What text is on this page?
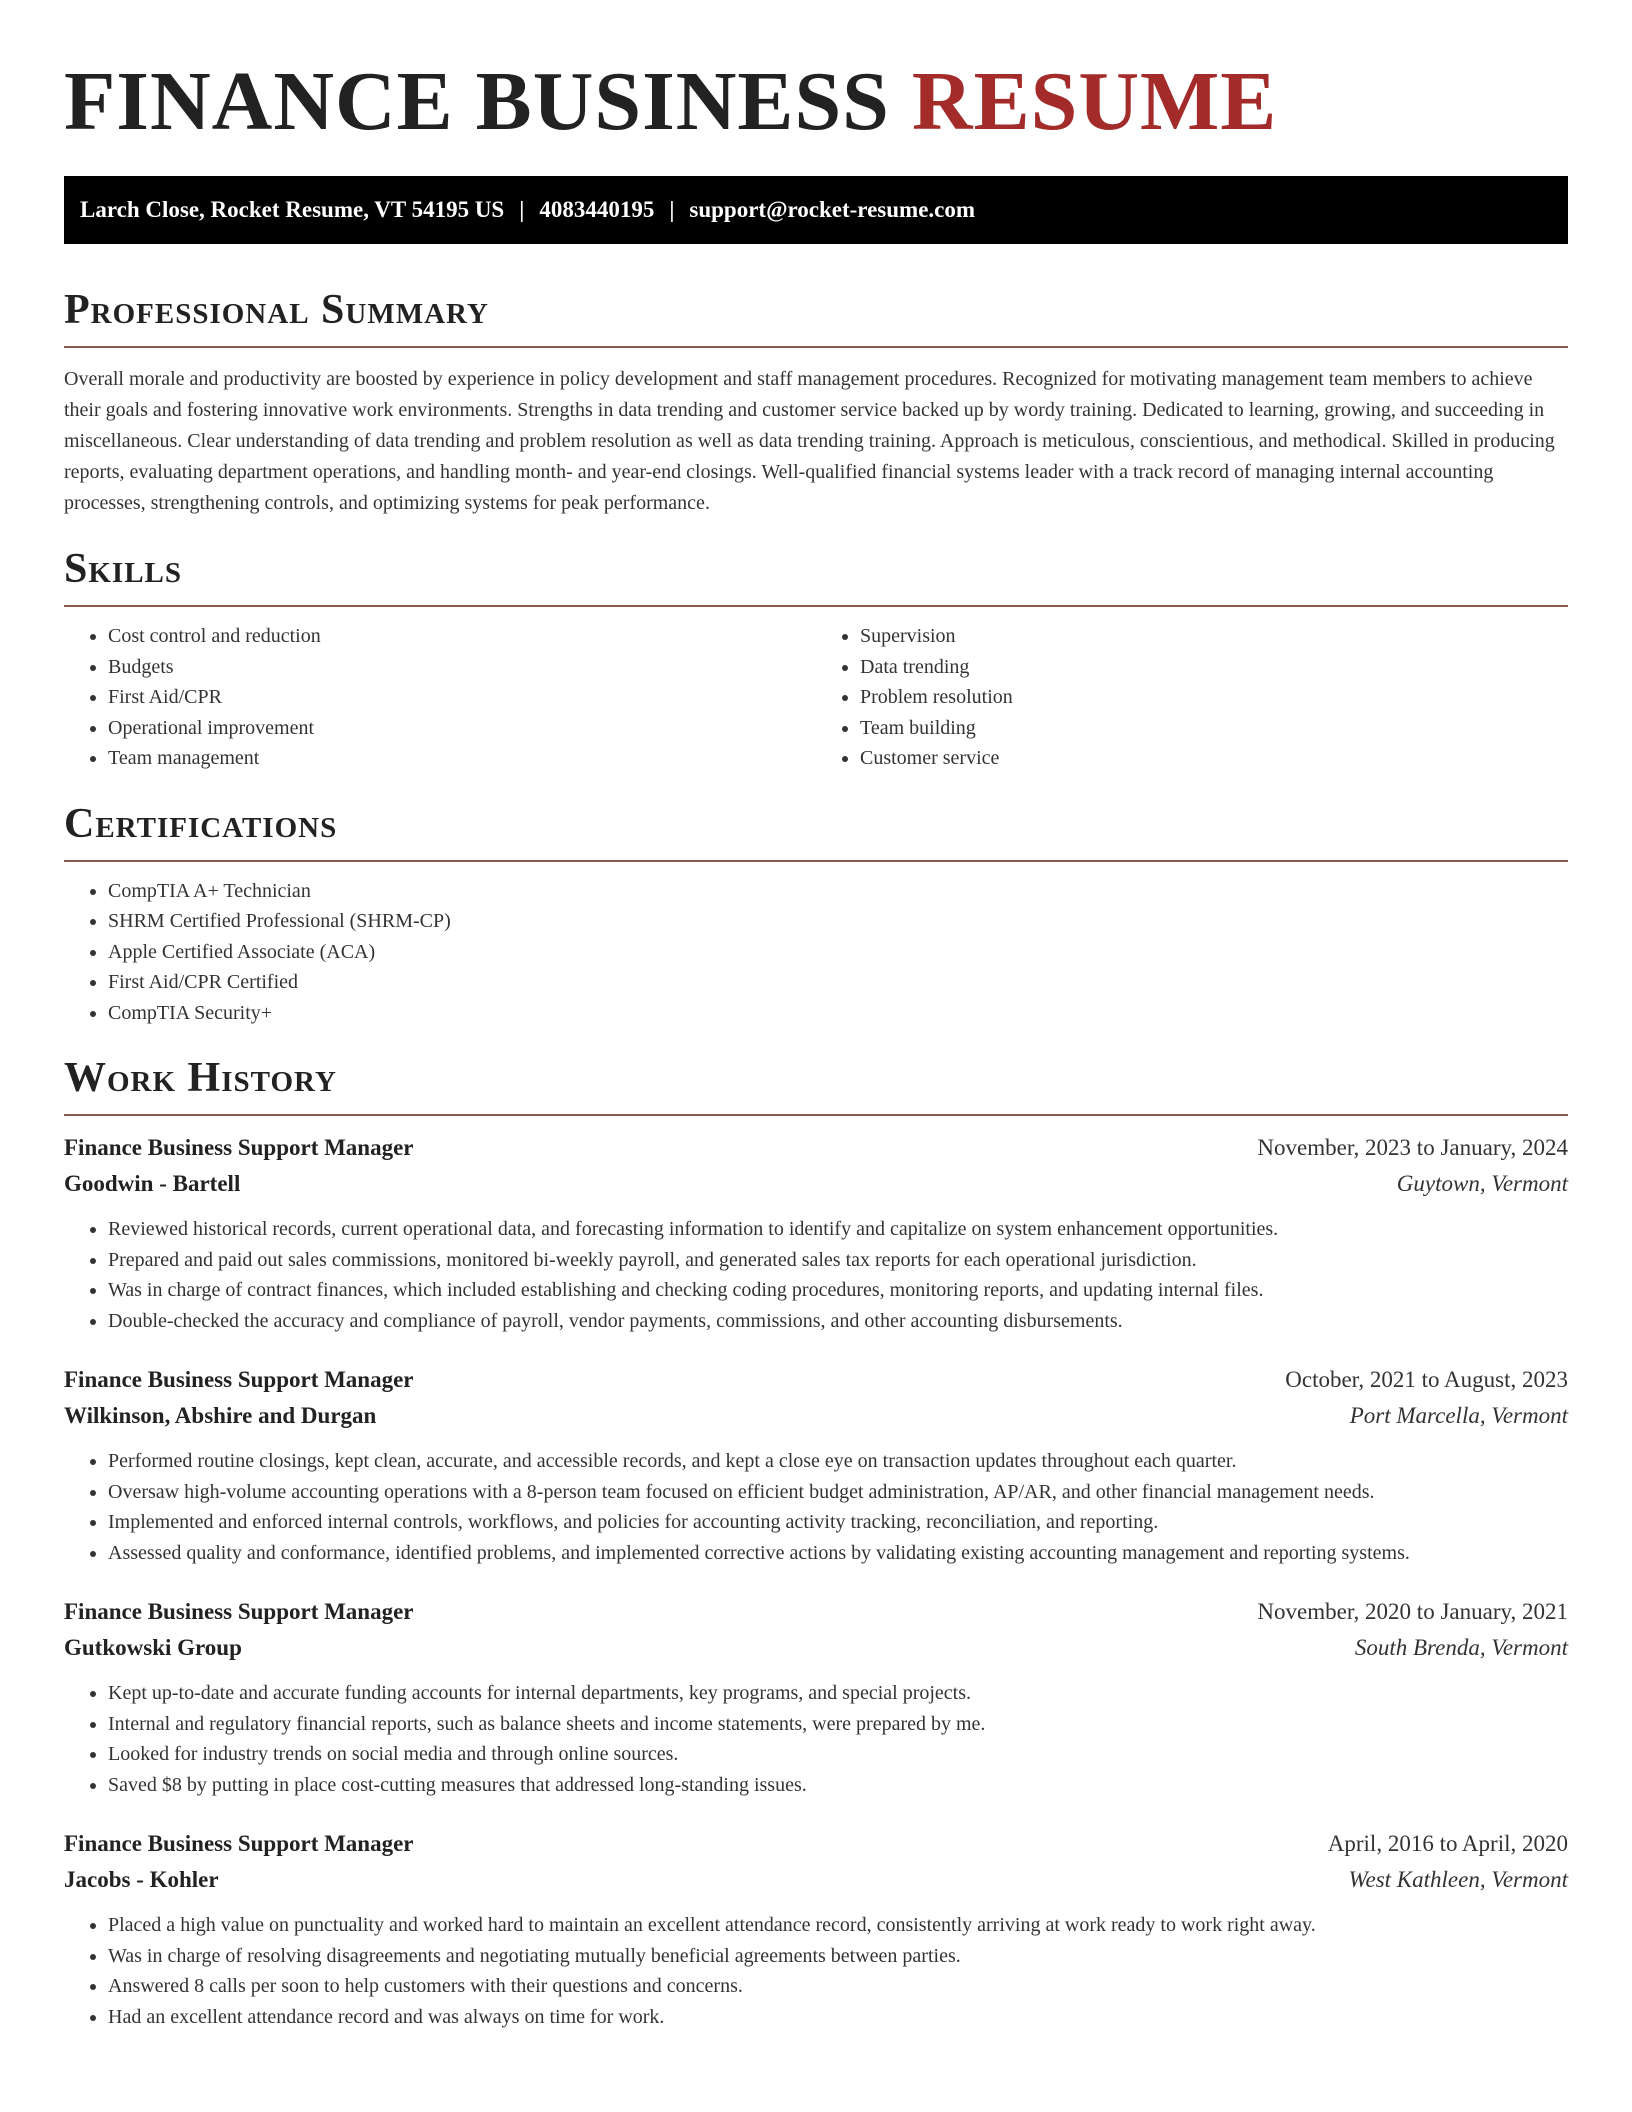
FINANCE BUSINESS RESUME
Larch Close, Rocket Resume, VT 54195 US | 4083440195 | support@rocket-resume.com
Professional Summary

Overall morale and productivity are boosted by experience in policy development and staff management procedures. Recognized for motivating management team members to achieve their goals and fostering innovative work environments. Strengths in data trending and customer service backed up by wordy training. Dedicated to learning, growing, and succeeding in miscellaneous. Clear understanding of data trending and problem resolution as well as data trending training. Approach is meticulous, conscientious, and methodical. Skilled in producing reports, evaluating department operations, and handling month- and year-end closings. Well-qualified financial systems leader with a track record of managing internal accounting processes, strengthening controls, and optimizing systems for peak performance.

Skills
• Cost control and reduction
• Budgets
• First Aid/CPR
• Operational improvement
• Team management
• Supervision
• Data trending
• Problem resolution
• Team building
• Customer service
Certifications
• CompTIA A+ Technician
• SHRM Certified Professional (SHRM-CP)
• Apple Certified Associate (ACA)
• First Aid/CPR Certified
• CompTIA Security+
Work History
Finance Business Support Manager	November, 2023 to January, 2024
Goodwin - Bartell	Guytown, Vermont
• Reviewed historical records, current operational data, and forecasting information to identify and capitalize on system enhancement opportunities.
• Prepared and paid out sales commissions, monitored bi-weekly payroll, and generated sales tax reports for each operational jurisdiction.
• Was in charge of contract finances, which included establishing and checking coding procedures, monitoring reports, and updating internal files.
• Double-checked the accuracy and compliance of payroll, vendor payments, commissions, and other accounting disbursements.
Finance Business Support Manager	October, 2021 to August, 2023
Wilkinson, Abshire and Durgan	Port Marcella, Vermont
• Performed routine closings, kept clean, accurate, and accessible records, and kept a close eye on transaction updates throughout each quarter.
• Oversaw high-volume accounting operations with a 8-person team focused on efficient budget administration, AP/AR, and other financial management needs.
• Implemented and enforced internal controls, workflows, and policies for accounting activity tracking, reconciliation, and reporting.
• Assessed quality and conformance, identified problems, and implemented corrective actions by validating existing accounting management and reporting systems.
Finance Business Support Manager	November, 2020 to January, 2021
Gutkowski Group	South Brenda, Vermont
• Kept up-to-date and accurate funding accounts for internal departments, key programs, and special projects.
• Internal and regulatory financial reports, such as balance sheets and income statements, were prepared by me.
• Looked for industry trends on social media and through online sources.
• Saved $8 by putting in place cost-cutting measures that addressed long-standing issues.
Finance Business Support Manager	April, 2016 to April, 2020
Jacobs - Kohler	West Kathleen, Vermont
• Placed a high value on punctuality and worked hard to maintain an excellent attendance record, consistently arriving at work ready to work right away.
• Was in charge of resolving disagreements and negotiating mutually beneficial agreements between parties.
• Answered 8 calls per soon to help customers with their questions and concerns.
• Had an excellent attendance record and was always on time for work.
